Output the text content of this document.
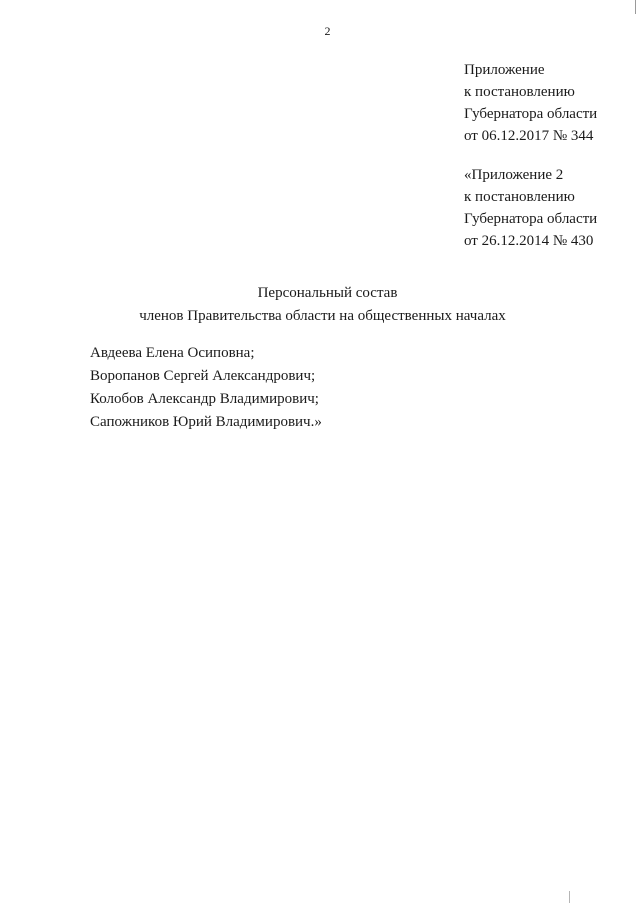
2
Приложение
к постановлению
Губернатора области
от 06.12.2017 № 344
«Приложение 2
к постановлению
Губернатора области
от 26.12.2014 № 430
Персональный состав
членов Правительства области на общественных началах
Авдеева Елена Осиповна;
Воропанов Сергей Александрович;
Колобов Александр Владимирович;
Сапожников Юрий Владимирович.»
